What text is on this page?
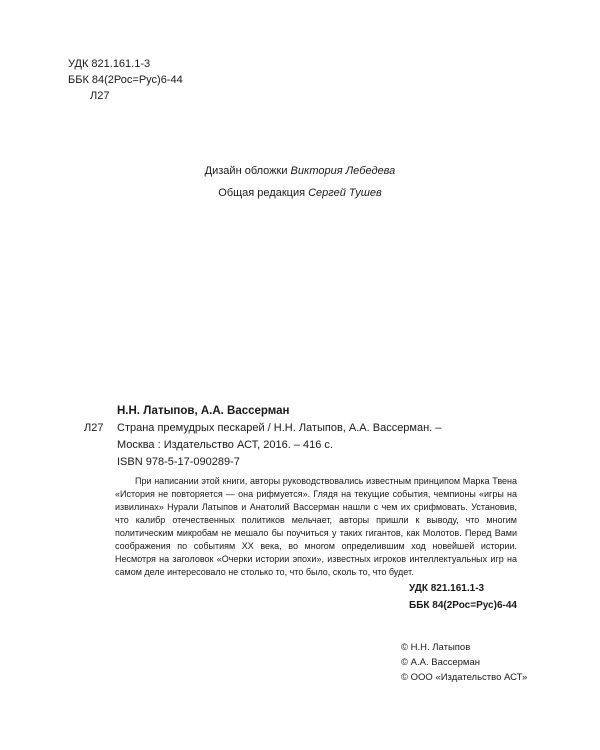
УДК 821.161.1-3
ББК 84(2Рос=Рус)6-44
Л27
Дизайн обложки Виктория Лебедева
Общая редакция Сергей Тушев
Н.Н. Латыпов, А.А. Вассерман
Л27 Страна премудрых пескарей / Н.Н. Латыпов, А.А. Вассерман. –
Москва : Издательство АСТ, 2016. – 416 с.
ISBN 978-5-17-090289-7

При написании этой книги, авторы руководствовались известным принципом Марка Твена «История не повторяется — она рифмуется». Глядя на текущие события, чемпионы «игры на извилинах» Нурали Латыпов и Анатолий Вассерман нашли с чем их срифмовать. Установив, что калибр отечественных политиков мельчает, авторы пришли к выводу, что многим политическим микробам не мешало бы поучиться у таких гигантов, как Молотов. Перед Вами соображения по событиям XX века, во многом определившим ход новейшей истории. Несмотря на заголовок «Очерки истории эпохи», известных игроков интеллектуальных игр на самом деле интересовало не столько то, что было, сколь то, что будет.

УДК 821.161.1-3
ББК 84(2Рос=Рус)6-44
© Н.Н. Латыпов
© А.А. Вассерман
© ООО «Издательство АСТ»
